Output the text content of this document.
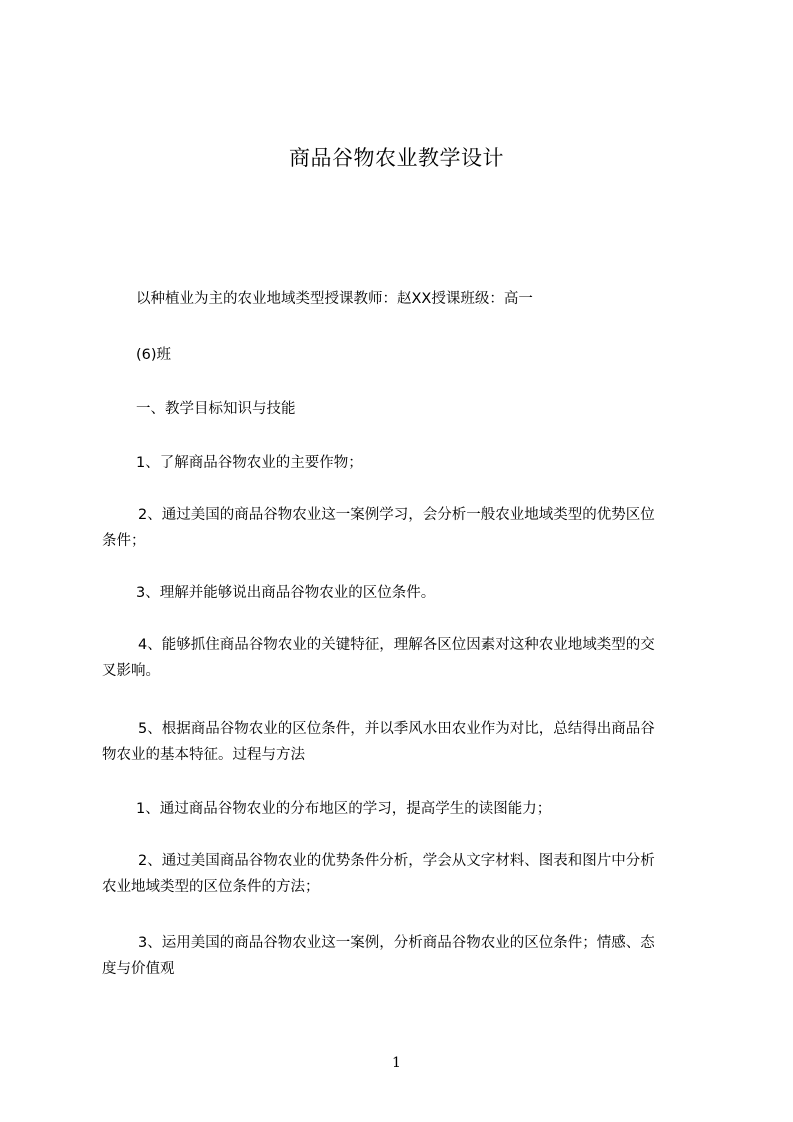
商品谷物农业教学设计
以种植业为主的农业地域类型授课教师：赵XX授课班级：高一
(6)班
一、教学目标知识与技能
1、了解商品谷物农业的主要作物；
2、通过美国的商品谷物农业这一案例学习，会分析一般农业地域类型的优势区位
条件；
3、理解并能够说出商品谷物农业的区位条件。
4、能够抓住商品谷物农业的关键特征，理解各区位因素对这种农业地域类型的交
叉影响。
5、根据商品谷物农业的区位条件，并以季风水田农业作为对比，总结得出商品谷
物农业的基本特征。过程与方法
1、通过商品谷物农业的分布地区的学习，提高学生的读图能力；
2、通过美国商品谷物农业的优势条件分析，学会从文字材料、图表和图片中分析
农业地域类型的区位条件的方法；
3、运用美国的商品谷物农业这一案例，分析商品谷物农业的区位条件；情感、态
度与价值观
1
